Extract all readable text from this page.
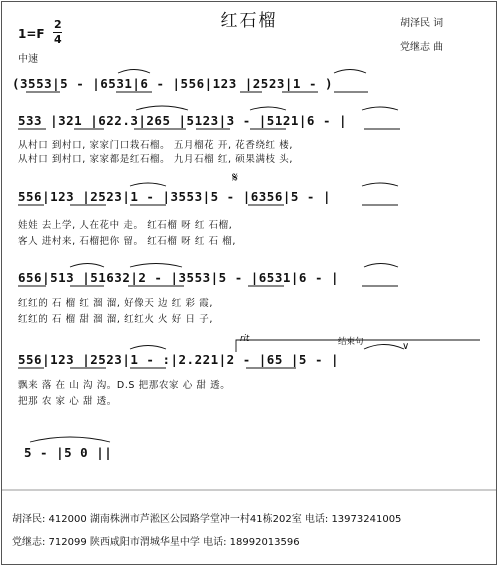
红石榴	胡泽民 词
党继志 曲
1=F
2
4
中速
(3553|5 - |6531|6 - |556|123 |2523|1 - )
533 |321 |622.3|265 |5123|3 - |5121|6 - |
从村口 到村口, 家家门口栽石榴。 五月榴花 开, 花香绕红 楼,
从村口 到村口, 家家都是红石榴。 九月石榴 红, 硕果满枝 头,
𝄋
556|123 |2523|1 - |3553|5 - |6356|5 - |
娃娃 去上学, 人在花中 走。 红石榴 呀 红 石榴,
客人 进村来, 石榴把你 留。 红石榴 呀 红 石 榴,
656|513 |51632|2 - |3553|5 - |6531|6 - |
红红的 石 榴 红 溜 溜, 好像天 边 红 彩 霞,
红红的 石 榴 甜 溜 溜, 红红火 火 好 日 子,
rit	结束句	∨
556|123 |2523|1 - :|2.221|2 - |65 |5 - |
飘来 落 在 山 沟 沟。D.S 把那农家 心 甜 透。
把那 农 家 心 甜 透。
5 - |5 0 ||
胡泽民: 412000 湖南株洲市芦淞区公园路学堂冲一村41栋202室 电话: 13973241005
党继志: 712099 陕西咸阳市渭城华星中学 电话: 18992013596
